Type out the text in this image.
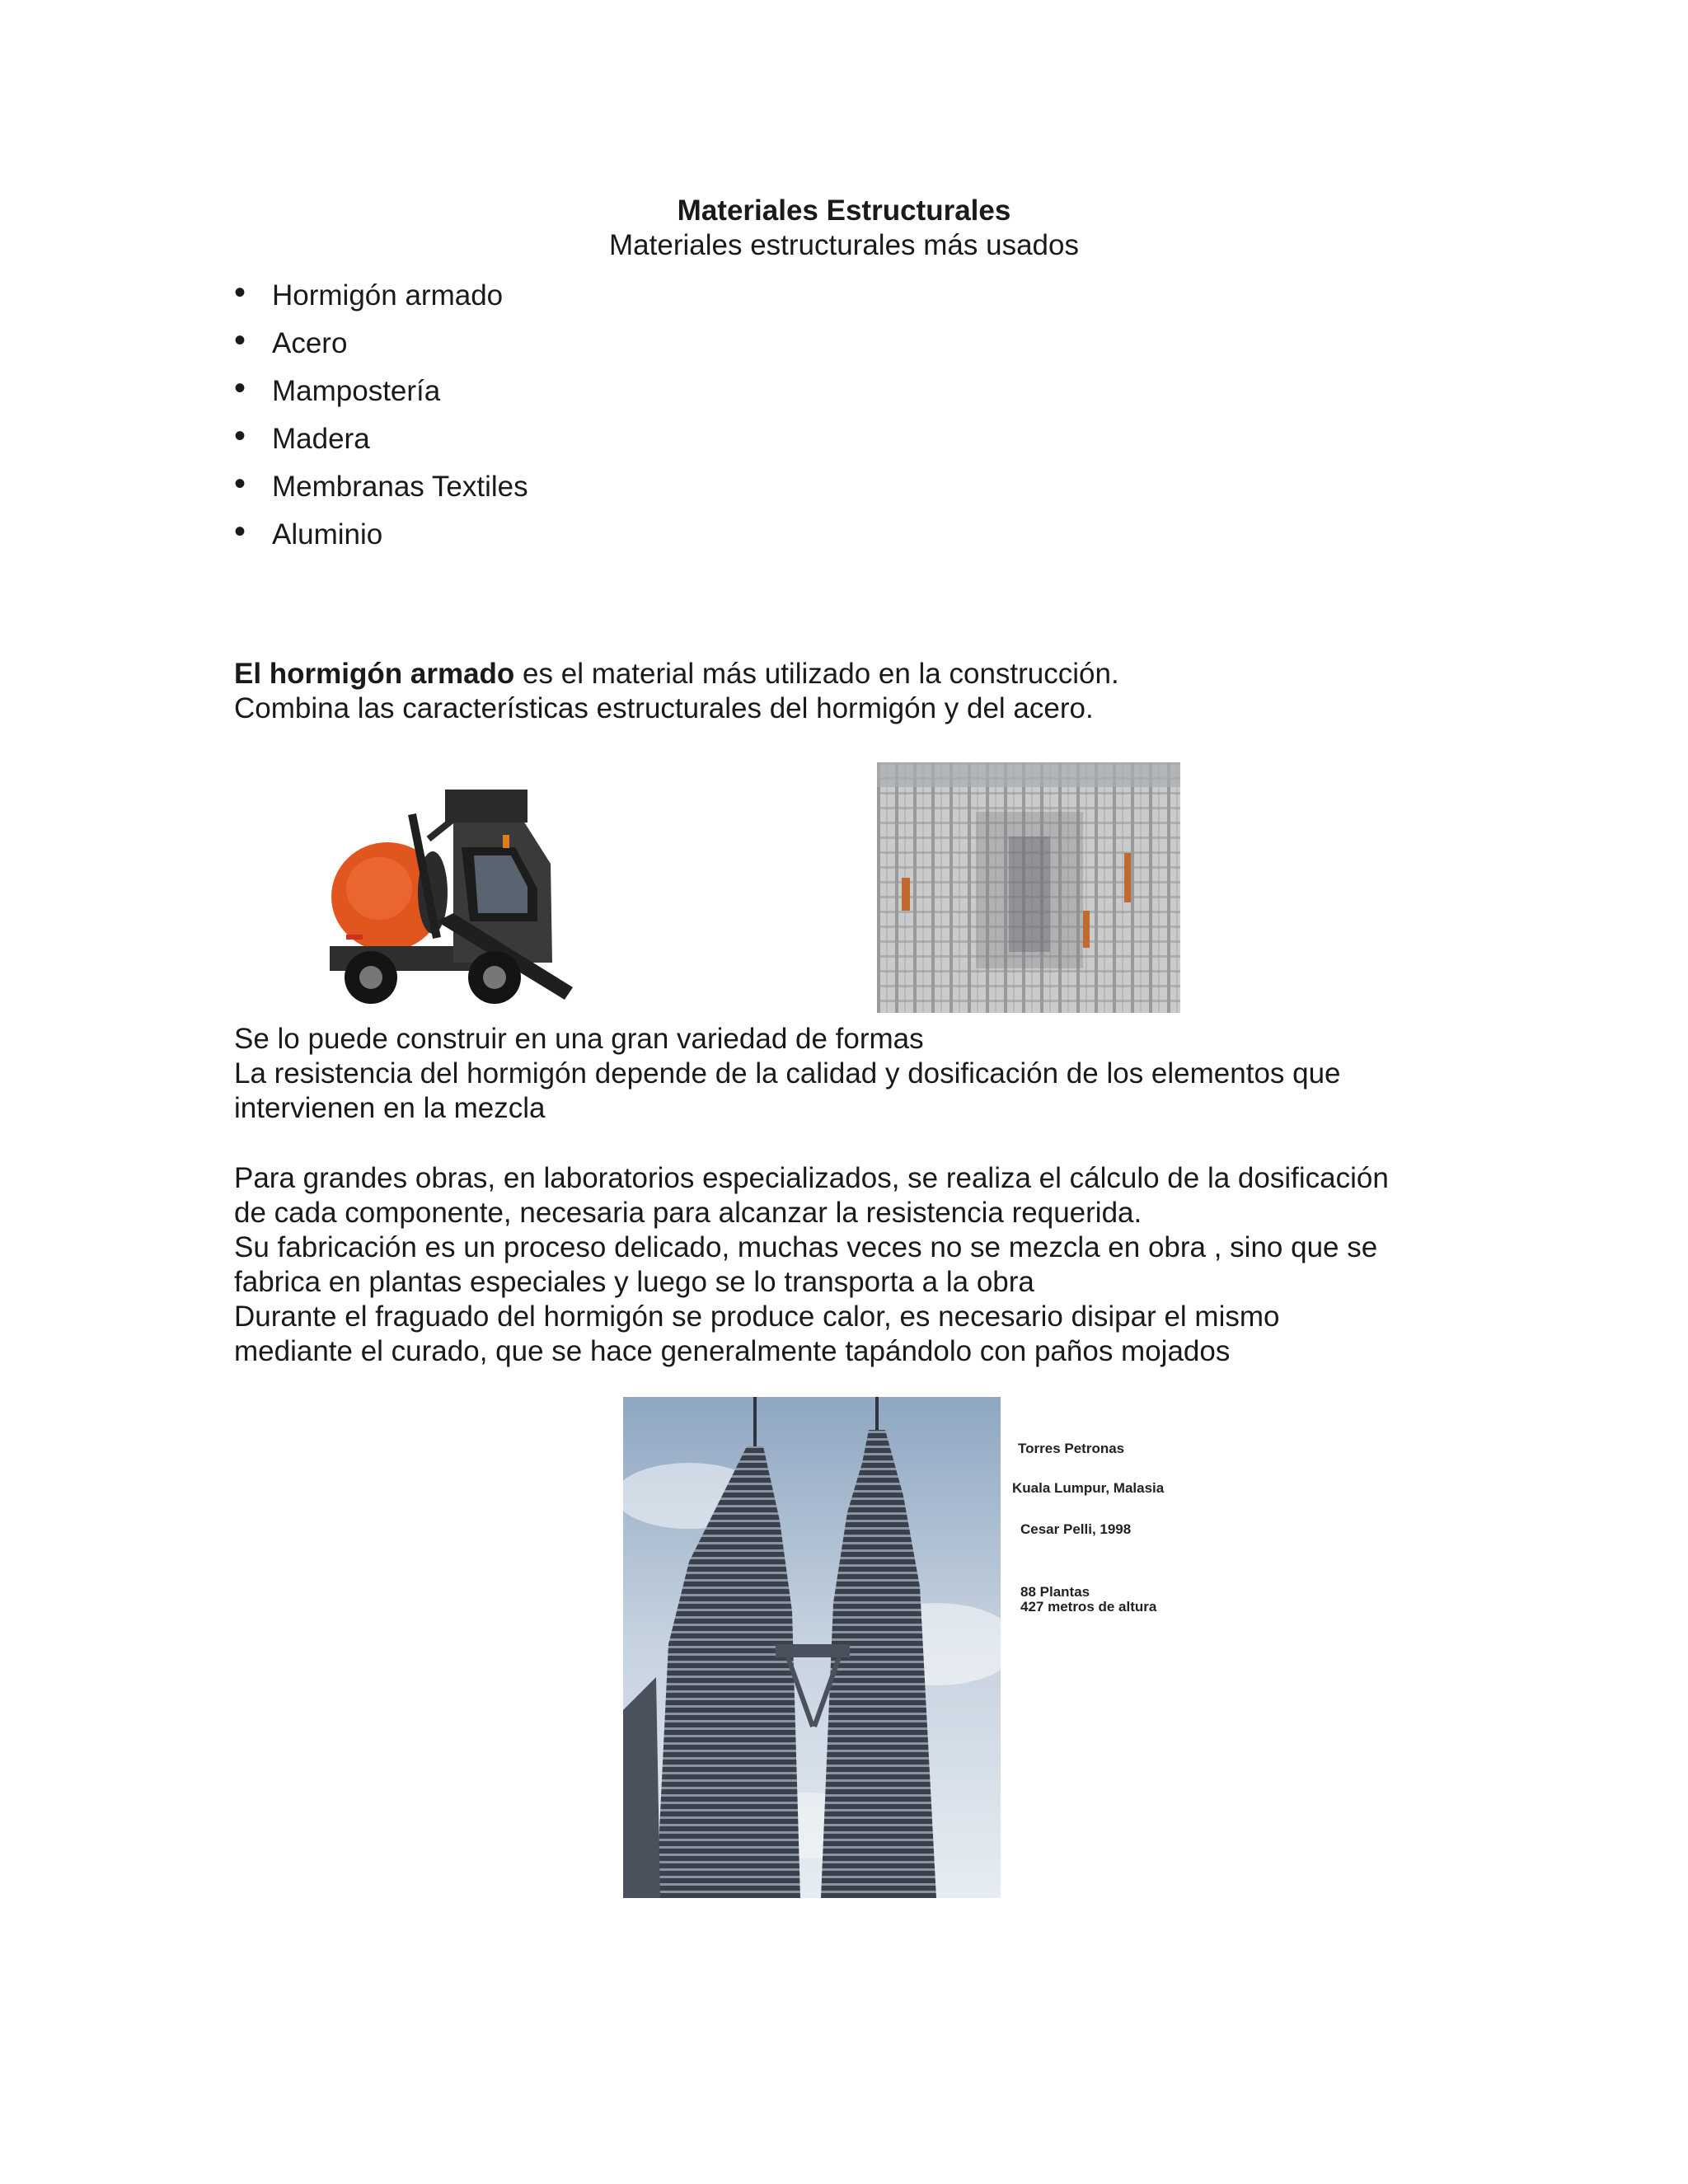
Materiales Estructurales
Materiales estructurales más usados
• Hormigón armado
• Acero
• Mampostería
• Madera
• Membranas Textiles
• Aluminio

El hormigón armado es el material más utilizado en la construcción.

Combina las características estructurales del hormigón y del acero.

Se lo puede construir en una gran variedad de formas

La resistencia del hormigón depende de la calidad y dosificación de los elementos que

intervienen en la mezcla

Para grandes obras, en laboratorios especializados, se realiza el cálculo de la dosificación

de cada componente, necesaria para alcanzar la resistencia requerida.

Su fabricación es un proceso delicado, muchas veces no se mezcla en obra , sino que se

fabrica en plantas especiales y luego se lo transporta a la obra

Durante el fraguado del hormigón se produce calor, es necesario disipar el mismo

mediante el curado, que se hace generalmente tapándolo con paños mojados

Torres Petronas
Kuala Lumpur, Malasia
Cesar Pelli, 1998
88 Plantas
427 metros de altura
